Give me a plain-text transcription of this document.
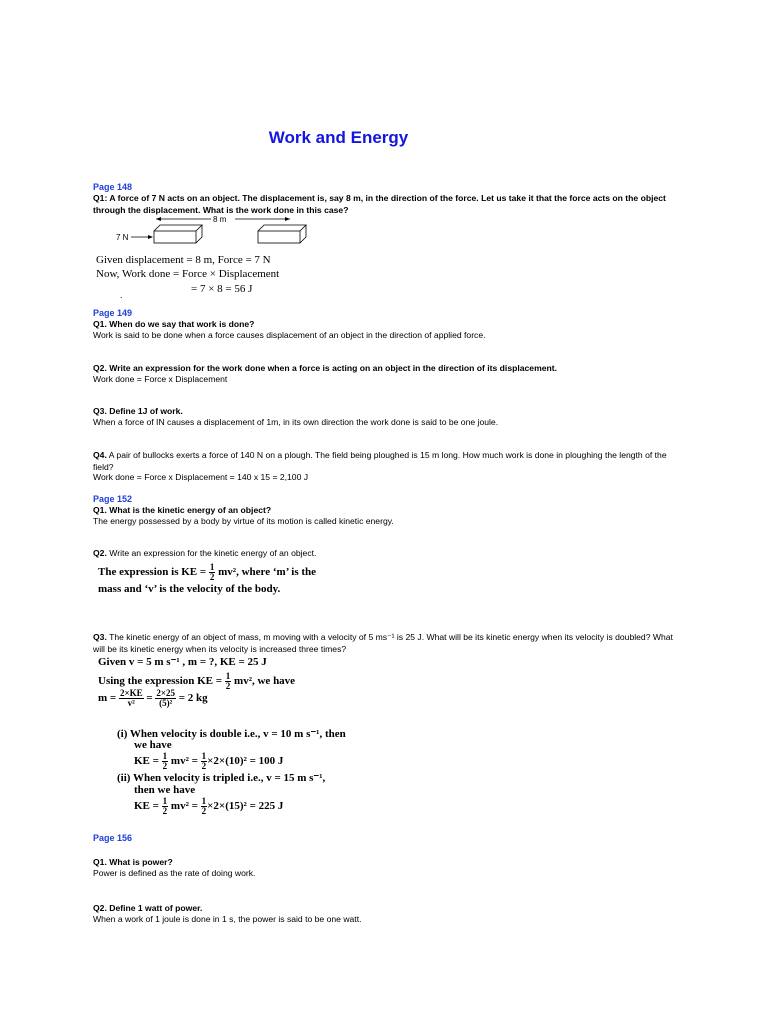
Work and Energy
Page 148
Q1: A force of 7 N acts on an object. The displacement is, say 8 m, in the direction of the force. Let us take it that the force acts on the object through the displacement. What is the work done in this case?
8 m
7 N
Given displacement = 8 m, Force = 7 N
Now, Work done = Force × Displacement
= 7 × 8 = 56 J
.
Page 149
Q1. When do we say that work is done?
Work is said to be done when a force causes displacement of an object in the direction of applied force.
Q2. Write an expression for the work done when a force is acting on an object in the direction of its displacement.
Work done = Force x Displacement
Q3. Define 1J of work.
When a force of IN causes a displacement of 1m, in its own direction the work done is said to be one joule.
Q4. A pair of bullocks exerts a force of 140 N on a plough. The field being ploughed is 15 m long. How much work is done in ploughing the length of the field?
Work done = Force x Displacement = 140 x 15 = 2,100 J
Page 152
Q1. What is the kinetic energy of an object?
The energy possessed by a body by virtue of its motion is called kinetic energy.
Q2. Write an expression for the kinetic energy of an object.
The expression is KE = $\frac{1}{2} mv^2$, where ‘m’ is the
mass and ‘v’ is the velocity of the body.
Q3. The kinetic energy of an object of mass, m moving with a velocity of 5 ms⁻¹ is 25 J. What will be its kinetic energy when its velocity is doubled? What will be its kinetic energy when its velocity is increased three times?
Given v = 5 m s⁻¹ , m = ?, KE = 25 J
Using the expression KE = $\frac{1}{2} mv^2$, we have
$m = \frac{2\times KE}{\text{v²}} = \frac{2\times 25}{\text{(5)²}} = 2$ kg
(i) When velocity is double i.e., v = 10 m s⁻¹, then
we have
KE = $\frac{1}{2} mv^2 = \frac{1}{2} \times 2\times(10)^2 = 100$ J
(ii) When velocity is tripled i.e., v = 15 m s⁻¹,
then we have
KE = $\frac{1}{2} mv^2 = \frac{1}{2} \times 2\times(15)^2 = 225$ J
Page 156
Q1. What is power?
Power is defined as the rate of doing work.
Q2. Define 1 watt of power.
When a work of 1 joule is done in 1 s, the power is said to be one watt.
